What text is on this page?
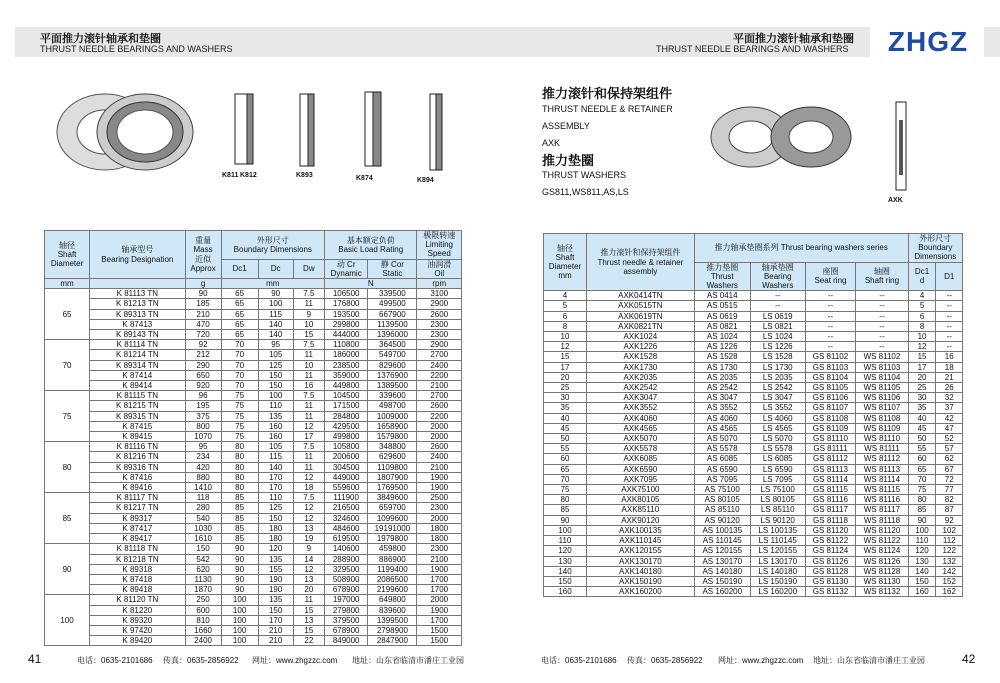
平面推力滚针轴承和垫圈
THRUST NEEDLE BEARINGS AND WASHERS
平面推力滚针轴承和垫圈
THRUST NEEDLE BEARINGS AND WASHERS	ZHGZ
K811 K812	K893	K874	K894
推力滚针和保持架组件
THRUST NEEDLE & RETAINER
ASSEMBLY
AXK
推力垫圈
THRUST WASHERS
GS811,WS811,AS,LS
AXK
轴径
Shaft
Diameter	轴承型号
Bearing Designation	重量
Mass
近似
Approx	外形尺寸
Boundary Dimensions			基本额定负荷
Basic Load Rating		极限转速
Limiting
Speed
			Dc1	Dc	Dw	动 Cr
Dynamic	静 Cor
Static	油润滑
Oil
mm		g	mm			N		rpm
65	K 81113 TN	90	65	90	7.5	106500	339500	3100
	K 81213 TN	185	65	100	11	176800	499500	2900
	K 89313 TN	210	65	115	9	193500	667900	2600
	K 87413	470	65	140	10	299800	1139500	2300
	K 89143 TN	720	65	140	15	444000	1396000	2300
70	K 81114 TN	92	70	95	7.5	110800	364500	2900
	K 81214 TN	212	70	105	11	186000	549700	2700
	K 89314 TN	290	70	125	10	238500	829600	2400
	K 87414	650	70	150	11	359000	1376900	2200
	K 89414	920	70	150	16	449800	1389500	2100
75	K 81115 TN	96	75	100	7.5	104500	339600	2700
	K 81215 TN	195	75	110	11	171500	498700	2600
	K 89315 TN	375	75	135	11	284800	1009000	2200
	K 87415	800	75	160	12	429500	1658900	2000
	K 89415	1070	75	160	17	499800	1579800	2000
80	K 81116 TN	95	80	105	7.5	105800	348800	2600
	K 81216 TN	234	80	115	11	200600	629600	2400
	K 89316 TN	420	80	140	11	304500	1109800	2100
	K 87416	880	80	170	12	449000	1807900	1900
	K 89416	1410	80	170	18	559600	1769500	1900
85	K 81117 TN	118	85	110	7.5	111900	3849600	2500
	K 81217 TN	280	85	125	12	216500	659700	2300
	K 89317	540	85	150	12	324600	1099600	2000
	K 87417	1030	85	180	13	484600	19191000	1800
	K 89417	1610	85	180	19	619500	1979800	1800
90	K 81118 TN	150	90	120	9	140600	459800	2300
	K 81218 TN	542	90	135	14	288900	886900	2100
	K 89318	620	90	155	12	329500	1199400	1900
	K 87418	1130	90	190	13	508900	2086500	1700
	K 89418	1870	90	190	20	678900	2199600	1700
100	K 81120 TN	250	100	135	11	197000	649800	2000
	K 81220	600	100	150	15	279800	839600	1900
	K 89320	810	100	170	13	379500	1399500	1700
	K 97420	1660	100	210	15	678900	2798900	1500
	K 89420	2400	100	210	22	849000	2847900	1500
轴径
Shaft
Diameter
mm	推力滚针和保持架组件
Thrust needle & retainer
assembly	推力轴承垫圈系列 Thrust bearing washers series				外形尺寸
Boundary
Dimensions	
		推力垫圈
Thrust
Washers	轴承垫圈
Bearing
Washers	座圈
Seat ring	轴圈
Shaft ring	Dc1
d	D1
4	AXK0414TN	AS 0414	--	--	--	4	--
5	AXK0515TN	AS 0515	--	--	--	5	--
6	AXK0619TN	AS 0619	LS 0619	--	--	6	--
8	AXK0821TN	AS 0821	LS 0821	--	--	8	--
10	AXK1024	AS 1024	LS 1024	--	--	10	--
12	AXK1226	AS 1226	LS 1226	--	--	12	--
15	AXK1528	AS 1528	LS 1528	GS 81102	WS 81102	15	16
17	AXK1730	AS 1730	LS 1730	GS 81103	WS 81103	17	18
20	AXK2035	AS 2035	LS 2035	GS 81104	WS 81104	20	21
25	AXK2542	AS 2542	LS 2542	GS 81105	WS 81105	25	26
30	AXK3047	AS 3047	LS 3047	GS 81106	WS 81106	30	32
35	AXK3552	AS 3552	LS 3552	GS 81107	WS 81107	35	37
40	AXK4060	AS 4060	LS 4060	GS 81108	WS 81108	40	42
45	AXK4565	AS 4565	LS 4565	GS 81109	WS 81109	45	47
50	AXK5070	AS 5070	LS 5070	GS 81110	WS 81110	50	52
55	AXK5578	AS 5578	LS 5578	GS 81111	WS 81111	55	57
60	AXK6085	AS 6085	LS 6085	GS 81112	WS 81112	60	62
65	AXK6590	AS 6590	LS 6590	GS 81113	WS 81113	65	67
70	AXK7095	AS 7095	LS 7095	GS 81114	WS 81114	70	72
75	AXK75100	AS 75100	LS 75100	GS 81115	WS 81115	75	77
80	AXK80105	AS 80105	LS 80105	GS 81116	WS 81116	80	82
85	AXK85110	AS 85110	LS 85110	GS 81117	WS 81117	85	87
90	AXK90120	AS 90120	LS 90120	GS 81118	WS 81118	90	92
100	AXK100135	AS 100135	LS 100135	GS 81120	WS 81120	100	102
110	AXK110145	AS 110145	LS 110145	GS 81122	WS 81122	110	112
120	AXK120155	AS 120155	LS 120155	GS 81124	WS 81124	120	122
130	AXK130170	AS 130170	LS 130170	GS 81126	WS 81126	130	132
140	AXK140180	AS 140180	LS 140180	GS 81128	WS 81128	140	142
150	AXK150190	AS 150190	LS 150190	GS 81130	WS 81130	150	152
160	AXK160200	AS 160200	LS 160200	GS 81132	WS 81132	160	162
41	42
电话：0635-2101686 传真：0635-2856922 网址：www.zhgzzc.com 地址：山东省临清市潘庄工业园	电话：0635-2101686 传真：0635-2856922 网址：www.zhgzzc.com 地址：山东省临清市潘庄工业园
